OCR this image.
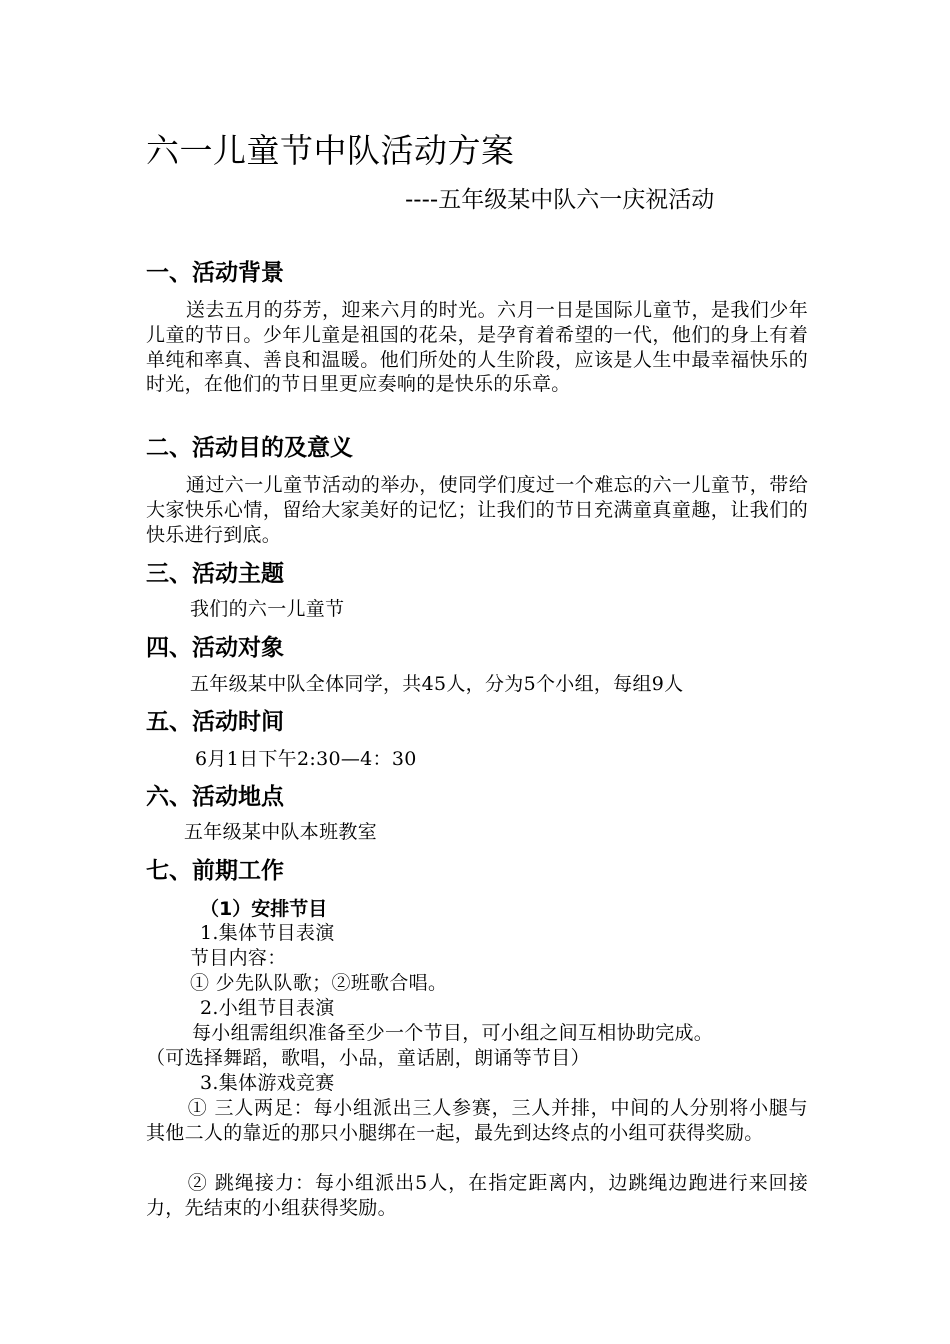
六一儿童节中队活动方案
----五年级某中队六一庆祝活动
一、活动背景
送去五月的芬芳，迎来六月的时光。六月一日是国际儿童节，是我们少年儿童的节日。少年儿童是祖国的花朵，是孕育着希望的一代，他们的身上有着单纯和率真、善良和温暖。他们所处的人生阶段，应该是人生中最幸福快乐的时光，在他们的节日里更应奏响的是快乐的乐章。
二、活动目的及意义
通过六一儿童节活动的举办，使同学们度过一个难忘的六一儿童节，带给大家快乐心情，留给大家美好的记忆；让我们的节日充满童真童趣，让我们的快乐进行到底。
三、活动主题
我们的六一儿童节
四、活动对象
五年级某中队全体同学，共45人，分为5个小组，每组9人
五、活动时间
6月1日下午2:30—4：30
六、活动地点
五年级某中队本班教室
七、前期工作
（1）安排节目
1.集体节目表演
节目内容：
① 少先队队歌；②班歌合唱。
2.小组节目表演
每小组需组织准备至少一个节目，可小组之间互相协助完成。
（可选择舞蹈，歌唱，小品，童话剧，朗诵等节目）
3.集体游戏竞赛
① 三人两足：每小组派出三人参赛，三人并排，中间的人分别将小腿与其他二人的靠近的那只小腿绑在一起，最先到达终点的小组可获得奖励。
② 跳绳接力：每小组派出5人，在指定距离内，边跳绳边跑进行来回接力，先结束的小组获得奖励。
